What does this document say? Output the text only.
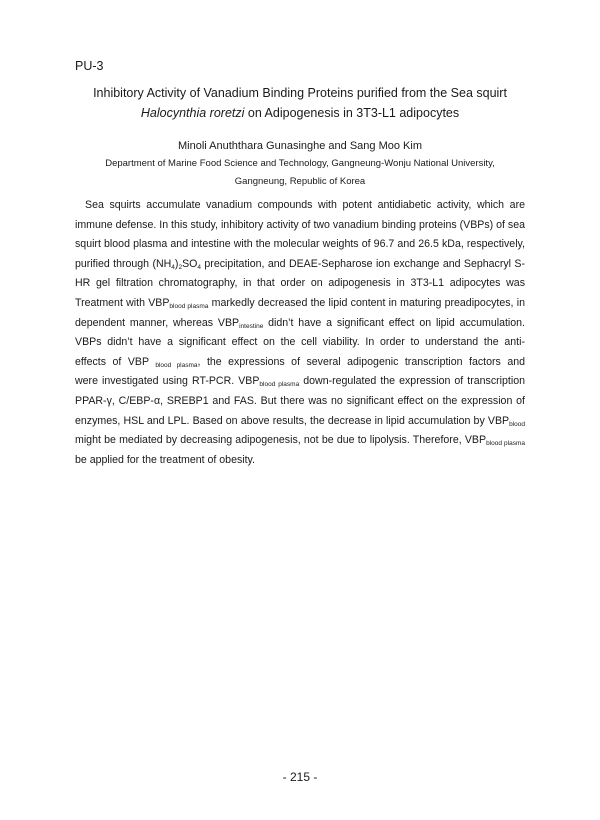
PU-3
Inhibitory Activity of Vanadium Binding Proteins purified from the Sea squirt
Halocynthia roretzi on Adipogenesis in 3T3-L1 adipocytes
Minoli Anuththara Gunasinghe and Sang Moo Kim
Department of Marine Food Science and Technology, Gangneung-Wonju National University,
Gangneung, Republic of Korea
Sea squirts accumulate vanadium compounds with potent antidiabetic activity, which are
immune defense. In this study, inhibitory activity of two vanadium binding proteins (VBPs) of sea
squirt blood plasma and intestine with the molecular weights of 96.7 and 26.5 kDa, respectively,
purified through $(NH_4)_2SO_4$ precipitation, and DEAE-Sepharose ion exchange and Sephacryl S-
HR gel filtration chromatography, in that order on adipogenesis in 3T3-L1 adipocytes was
Treatment with $VBP_{blood plasma}$ markedly decreased the lipid content in maturing preadipocytes, in
dependent manner, whereas $VBP_{intestine}$ didn’t have a significant effect on lipid accumulation.
VBPs didn’t have a significant effect on the cell viability. In order to understand the anti-
effects of VBP $_{blood plasma}$, the expressions of several adipogenic transcription factors and
were investigated using RT-PCR. $VBP_{blood plasma}$ down-regulated the expression of transcription
PPAR-γ, C/EBP-α, SREBP1 and FAS. But there was no significant effect on the expression of
enzymes, HSL and LPL. Based on above results, the decrease in lipid accumulation by $VBP_{blood}$
might be mediated by decreasing adipogenesis, not be due to lipolysis. Therefore, $VBP_{blood plasma}$
be applied for the treatment of obesity.
- 215 -
